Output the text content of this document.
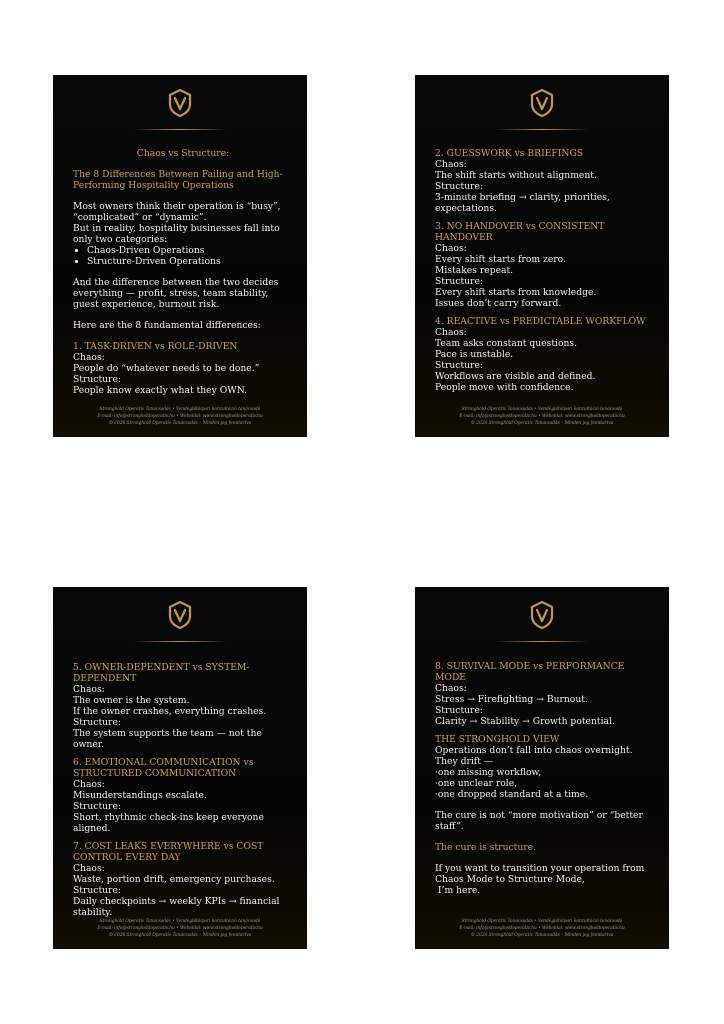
Chaos vs Structure:

The 8 Differences Between Failing and High-Performing Hospitality Operations

Most owners think their operation is “busy”, “complicated” or “dynamic”.

But in reality, hospitality businesses fall into only two categories:

• Chaos-Driven Operations
• Structure-Driven Operations

And the difference between the two decides everything — profit, stress, team stability, guest experience, burnout risk.

Here are the 8 fundamental differences:

1. TASK-DRIVEN vs ROLE-DRIVEN

Chaos:

People do “whatever needs to be done.”

Structure:

People know exactly what they OWN.

Stronghold Operatív Tanácsadás • Vendéglátóipari konzultáció tanácsadó
E-mail: info@strongholdoperativ.hu • Weboldal: www.strongholdoperativ.hu
© 2026 Stronghold Operatív Tanácsadás – Minden jog fenntartva

2. GUESSWORK vs BRIEFINGS

Chaos:

The shift starts without alignment.

Structure:

3-minute briefing → clarity, priorities, expectations.

3. NO HANDOVER vs CONSISTENT HANDOVER

Chaos:

Every shift starts from zero.

Mistakes repeat.

Structure:

Every shift starts from knowledge.

Issues don’t carry forward.

4. REACTIVE vs PREDICTABLE WORKFLOW

Chaos:

Team asks constant questions.

Pace is unstable.

Structure:

Workflows are visible and defined.

People move with confidence.

Stronghold Operatív Tanácsadás • Vendéglátóipari konzultáció tanácsadó
E-mail: info@strongholdoperativ.hu • Weboldal: www.strongholdoperativ.hu
© 2026 Stronghold Operatív Tanácsadás – Minden jog fenntartva

5. OWNER-DEPENDENT vs SYSTEM-DEPENDENT

Chaos:

The owner is the system.

If the owner crashes, everything crashes.

Structure:

The system supports the team — not the owner.

6. EMOTIONAL COMMUNICATION vs STRUCTURED COMMUNICATION

Chaos:

Misunderstandings escalate.

Structure:

Short, rhythmic check-ins keep everyone aligned.

7. COST LEAKS EVERYWHERE vs COST CONTROL EVERY DAY

Chaos:

Waste, portion drift, emergency purchases.

Structure:

Daily checkpoints → weekly KPIs → financial stability.

Stronghold Operatív Tanácsadás • Vendéglátóipari konzultáció tanácsadó
E-mail: info@strongholdoperativ.hu • Weboldal: www.strongholdoperativ.hu
© 2026 Stronghold Operatív Tanácsadás – Minden jog fenntartva

8. SURVIVAL MODE vs PERFORMANCE MODE

Chaos:

Stress → Firefighting → Burnout.

Structure:

Clarity → Stability → Growth potential.

THE STRONGHOLD VIEW

Operations don’t fall into chaos overnight.

They drift —

·one missing workflow,

·one unclear role,

·one dropped standard at a time.

The cure is not “more motivation” or “better staff”.

The cure is structure.

If you want to transition your operation from Chaos Mode to Structure Mode,

I’m here.

Stronghold Operatív Tanácsadás • Vendéglátóipari konzultáció tanácsadó
E-mail: info@strongholdoperativ.hu • Weboldal: www.strongholdoperativ.hu
© 2026 Stronghold Operatív Tanácsadás – Minden jog fenntartva
